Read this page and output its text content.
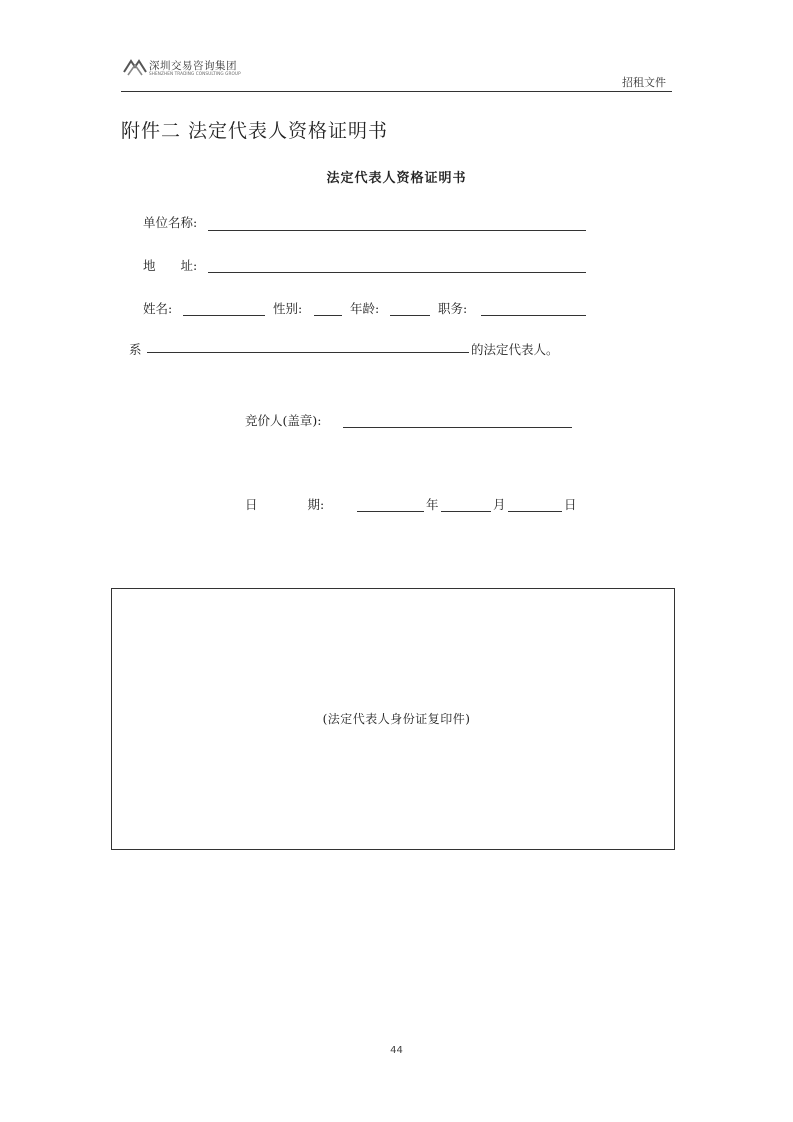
深圳交易咨询集团
SHENZHEN TRADING CONSULTING GROUP
招租文件
附件二 法定代表人资格证明书
法定代表人资格证明书
单位名称:
地　　址:
姓名:	性别:	年龄:	职务:
系	的法定代表人。
竞价人(盖章):
日　　　　期:	年	月	日
(法定代表人身份证复印件)
44
